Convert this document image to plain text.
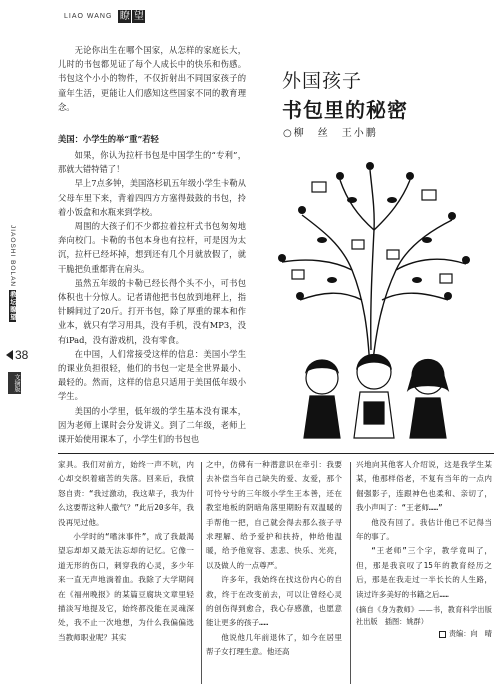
LIAO WANG 瞭 望
JIAOSHI BOLAN 教坛瞭望
38
文摘版

无论你出生在哪个国家，从怎样的家庭长大，儿时的书包都见证了每个人成长中的快乐和伤感。书包这个小小的物件，不仅折射出不同国家孩子的童年生活，更能让人们感知这些国家不同的教育理念。

美国：小学生的举“重”若轻

如果，你认为拉杆书包是中国学生的“专利”，那就大错特错了！

早上7点多钟，美国洛杉矶五年级小学生卡勒从父母车里下来，背着四四方方塞得鼓鼓的书包，拎着小饭盒和水瓶来到学校。

周围的大孩子们不少都拉着拉杆式书包匆匆地奔向校门。卡勒的书包本身也有拉杆，可是因为太沉，拉杆已经坏掉，想到还有几个月就放假了，就干脆把负重都背在肩头。

虽然五年级的卡勒已经长得个头不小，可书包体积也十分惊人。记者请他把书包放到地秤上，指针瞬间过了20斤。打开书包，除了厚重的课本和作业本，就只有学习用具，没有手机，没有MP3，没有iPad，没有游戏机，没有零食。

在中国，人们常接受这样的信息：美国小学生的课业负担很轻，他们的书包一定是全世界最小、最轻的。然而，这样的信息只适用于美国低年级小学生。

美国的小学里，低年级的学生基本没有课本，因为老师上课时会分发讲义。到了二年级，老师上课开始使用课本了，小学生们的书包也

外国孩子
书包里的秘密
○柳　丝　王小鹏

家具。我们对前方，始终一声不吭，内心却交织着痛苦的失落。回来后，我愤怒自责：“我过激动，我这辈子，我为什么这要帮这种人撒气？”此后20多年，我没再见过他。

小学时的“嗜沫事件”，成了我最渴望忘却却又最无法忘却的记忆。它像一道无形的伤口，刺穿我的心灵，多少年来一直无声地淌着血。我除了大学期间在《福州晚报》的某篇豆腐块文章里轻描淡写地提及它，始终都没能在灵魂深处，我不止一次地想，为什么我偏偏选当教师职业呢？其实

之中，仿佛有一种潜意识在牵引：我要去补偿当年自己缺失的爱、友爱，那个可怜兮兮的三年级小学生王本善，还在教室地板的阴暗角落里期盼有双温暖的手帮他一把，自己就会得去那么孩子寻求理解、给予爱护和扶持，伸给他温暖，给予他宽容、悲悲、快乐、光亮，以及做人的一点尊严。

许多年，我始终在找这份内心的自救，终于在改变前去，可以让曾经心灵的创伤得到愈合，我心存感激，也愿意能让更多的孩子……

他说他几年前退休了，如今在居里帮子女打理生意。他还高

兴地向其他客人介绍说，这是我学生某某，他那样俗老，不复有当年的一点内倔强影子，连跟神色也柔和、亲切了，我小声叫了：“王老师……”

他没有回了。我估计他已不记得当年的事了。

“王老师”三个字，教学竟叫了，但，那是我哀叹了15年的教育经历之后，那是在我走过一半长长的人生路，读过许多美好的书籍之后……

(摘自《身为教师》——书，教育科学出版社出版　插图：姚群）
责编：向　晴
